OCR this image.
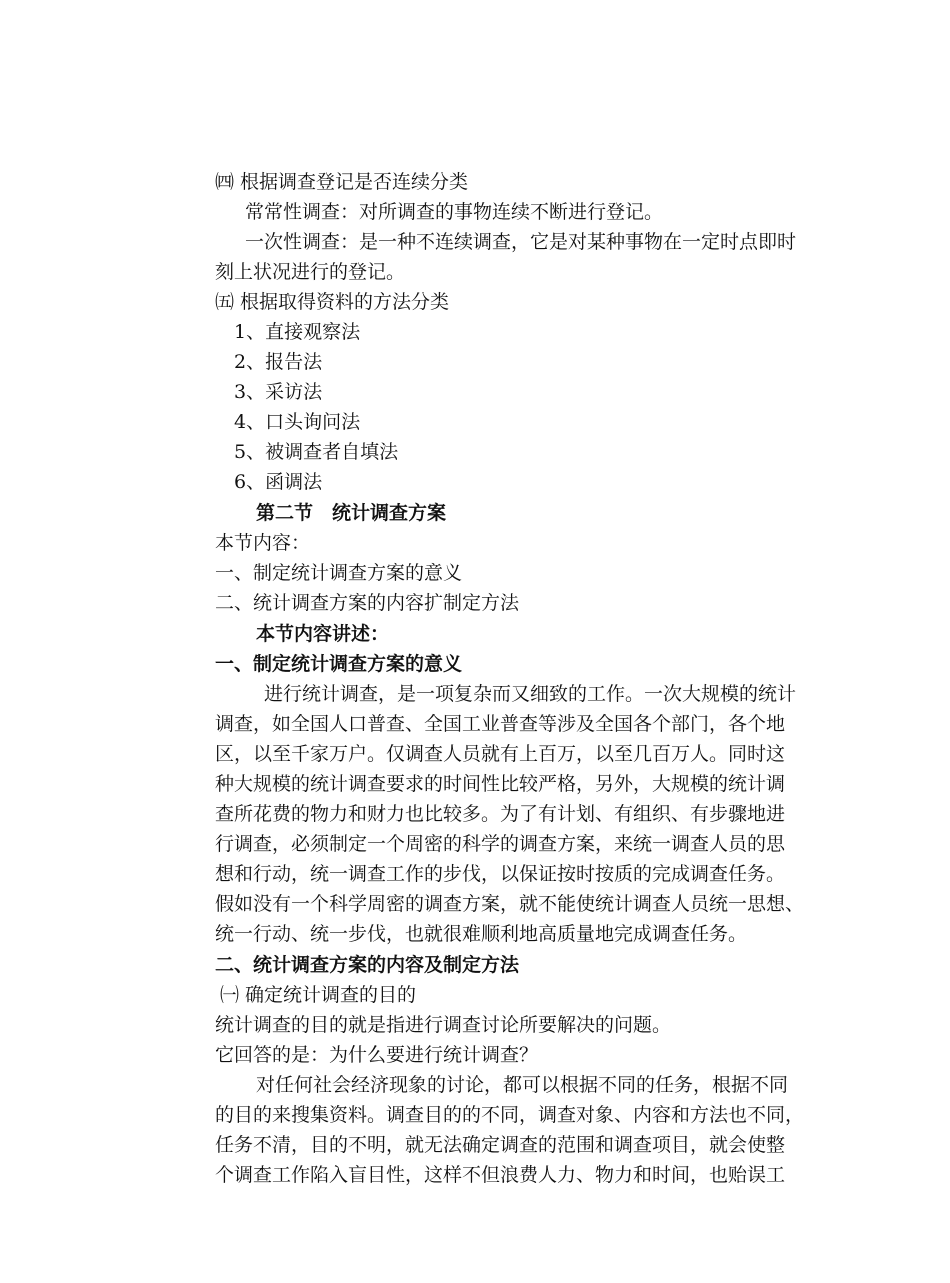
㈣ 根据调查登记是否连续分类
常常性调查：对所调查的事物连续不断进行登记。
一次性调查：是一种不连续调查，它是对某种事物在一定时点即时
刻上状况进行的登记。
㈤ 根据取得资料的方法分类
1、直接观察法
2、报告法
3、采访法
4、口头询问法
5、被调查者自填法
6、函调法
第二节　统计调查方案
本节内容：
一、制定统计调查方案的意义
二、统计调查方案的内容扩制定方法
本节内容讲述：
一、制定统计调查方案的意义
进行统计调查，是一项复杂而又细致的工作。一次大规模的统计
调查，如全国人口普查、全国工业普查等涉及全国各个部门，各个地
区，以至千家万户。仅调查人员就有上百万，以至几百万人。同时这
种大规模的统计调查要求的时间性比较严格，另外，大规模的统计调
查所花费的物力和财力也比较多。为了有计划、有组织、有步骤地进
行调查，必须制定一个周密的科学的调查方案，来统一调查人员的思
想和行动，统一调查工作的步伐，以保证按时按质的完成调查任务。
假如没有一个科学周密的调查方案，就不能使统计调查人员统一思想、
统一行动、统一步伐，也就很难顺利地高质量地完成调查任务。
二、统计调查方案的内容及制定方法
㈠ 确定统计调查的目的
统计调查的目的就是指进行调查讨论所要解决的问题。
它回答的是：为什么要进行统计调查？
对任何社会经济现象的讨论，都可以根据不同的任务，根据不同
的目的来搜集资料。调查目的的不同，调查对象、内容和方法也不同，
任务不清，目的不明，就无法确定调查的范围和调查项目，就会使整
个调查工作陷入盲目性，这样不但浪费人力、物力和时间，也贻误工
